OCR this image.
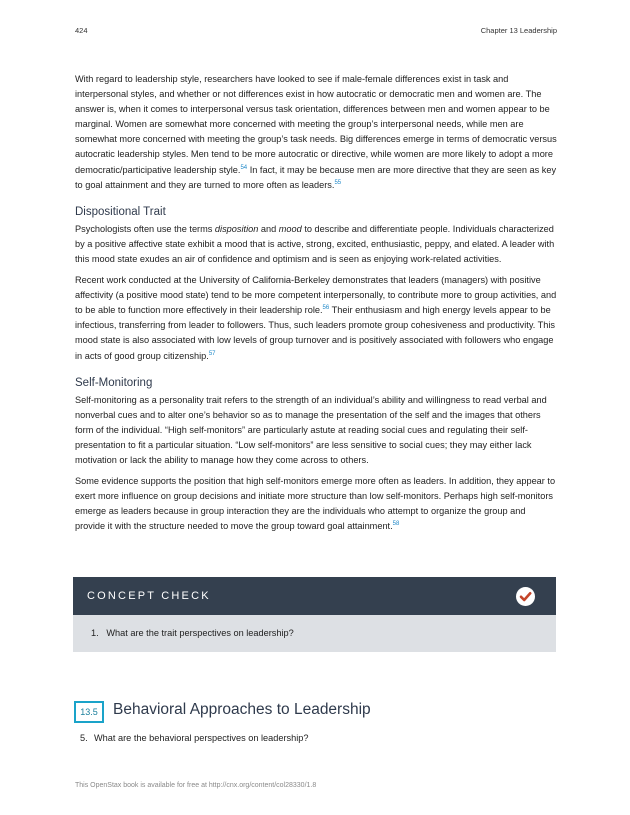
424	Chapter 13 Leadership

With regard to leadership style, researchers have looked to see if male-female differences exist in task and interpersonal styles, and whether or not differences exist in how autocratic or democratic men and women are. The answer is, when it comes to interpersonal versus task orientation, differences between men and women appear to be marginal. Women are somewhat more concerned with meeting the group’s interpersonal needs, while men are somewhat more concerned with meeting the group’s task needs. Big differences emerge in terms of democratic versus autocratic leadership styles. Men tend to be more autocratic or directive, while women are more likely to adopt a more democratic/participative leadership style.$^{54}$ In fact, it may be because men are more directive that they are seen as key to goal attainment and they are turned to more often as leaders.$^{55}$

Dispositional Trait

Psychologists often use the terms disposition and mood to describe and differentiate people. Individuals characterized by a positive affective state exhibit a mood that is active, strong, excited, enthusiastic, peppy, and elated. A leader with this mood state exudes an air of confidence and optimism and is seen as enjoying work-related activities.

Recent work conducted at the University of California-Berkeley demonstrates that leaders (managers) with positive affectivity (a positive mood state) tend to be more competent interpersonally, to contribute more to group activities, and to be able to function more effectively in their leadership role.$^{56}$ Their enthusiasm and high energy levels appear to be infectious, transferring from leader to followers. Thus, such leaders promote group cohesiveness and productivity. This mood state is also associated with low levels of group turnover and is positively associated with followers who engage in acts of good group citizenship.$^{57}$

Self-Monitoring

Self-monitoring as a personality trait refers to the strength of an individual’s ability and willingness to read verbal and nonverbal cues and to alter one’s behavior so as to manage the presentation of the self and the images that others form of the individual. “High self-monitors” are particularly astute at reading social cues and regulating their self-presentation to fit a particular situation. “Low self-monitors” are less sensitive to social cues; they may either lack motivation or lack the ability to manage how they come across to others.

Some evidence supports the position that high self-monitors emerge more often as leaders. In addition, they appear to exert more influence on group decisions and initiate more structure than low self-monitors. Perhaps high self-monitors emerge as leaders because in group interaction they are the individuals who attempt to organize the group and provide it with the structure needed to move the group toward goal attainment.$^{58}$

CONCEPT CHECK
1. What are the trait perspectives on leadership?
13.5 Behavioral Approaches to Leadership
5. What are the behavioral perspectives on leadership?
This OpenStax book is available for free at http://cnx.org/content/col28330/1.8
